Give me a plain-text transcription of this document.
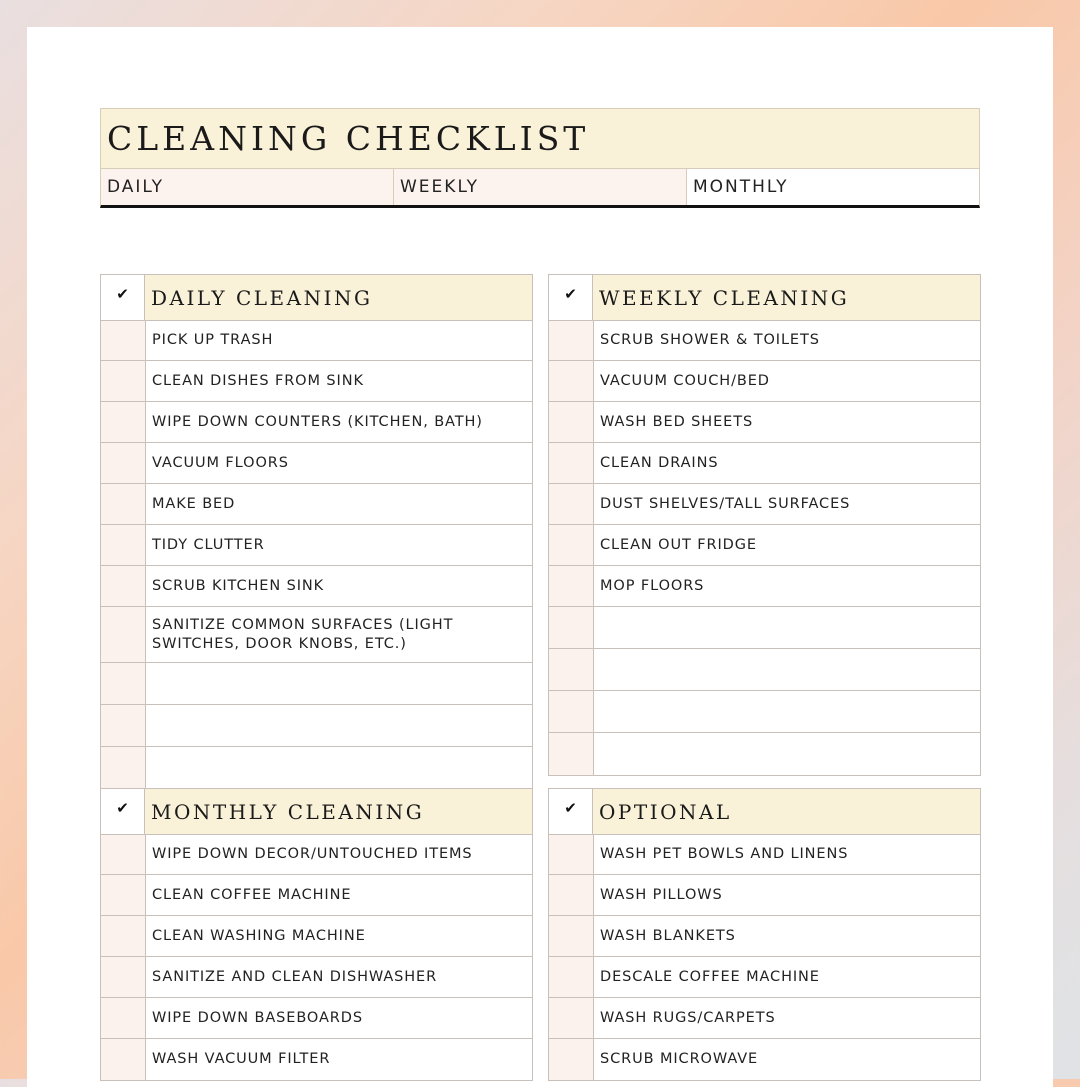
CLEANING CHECKLIST
DAILY	WEEKLY	MONTHLY
✔	DAILY CLEANING
PICK UP TRASH
CLEAN DISHES FROM SINK
WIPE DOWN COUNTERS (KITCHEN, BATH)
VACUUM FLOORS
MAKE BED
TIDY CLUTTER
SCRUB KITCHEN SINK
SANITIZE COMMON SURFACES (LIGHT SWITCHES, DOOR KNOBS, ETC.)
✔	WEEKLY CLEANING
SCRUB SHOWER & TOILETS
VACUUM COUCH/BED
WASH BED SHEETS
CLEAN DRAINS
DUST SHELVES/TALL SURFACES
CLEAN OUT FRIDGE
MOP FLOORS
✔	MONTHLY CLEANING
WIPE DOWN DECOR/UNTOUCHED ITEMS
CLEAN COFFEE MACHINE
CLEAN WASHING MACHINE
SANITIZE AND CLEAN DISHWASHER
WIPE DOWN BASEBOARDS
WASH VACUUM FILTER
✔	OPTIONAL
WASH PET BOWLS AND LINENS
WASH PILLOWS
WASH BLANKETS
DESCALE COFFEE MACHINE
WASH RUGS/CARPETS
SCRUB MICROWAVE
